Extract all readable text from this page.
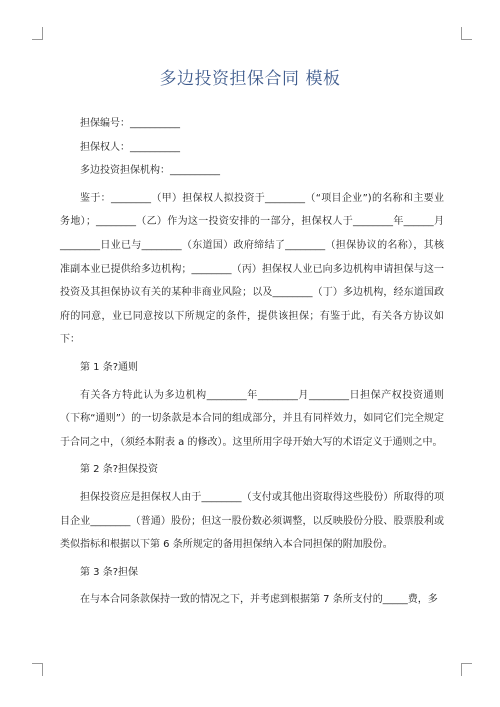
多边投资担保合同 模板

担保编号：__________

担保权人：__________

多边投资担保机构：__________

鉴于：________（甲）担保权人拟投资于________（“项目企业”)的名称和主要业务地）；________（乙）作为这一投资安排的一部分，担保权人于________年______月________日业已与________（东道国）政府缔结了________（担保协议的名称），其核准副本业已提供给多边机构；________（丙）担保权人业已向多边机构申请担保与这一投资及其担保协议有关的某种非商业风险；以及________（丁）多边机构，经东道国政府的同意，业已同意按以下所规定的条件，提供该担保；有鉴于此，有关各方协议如下：

第 1 条?通则

有关各方特此认为多边机构________年________月________日担保产权投资通则（下称“通则”）的一切条款是本合同的组成部分，并且有同样效力，如同它们完全规定于合同之中，（须经本附表 a 的修改）。这里所用字母开始大写的术语定义于通则之中。

第 2 条?担保投资

担保投资应是担保权人由于________（支付或其他出资取得这些股份）所取得的项目企业________（普通）股份；但这一股份数必须调整，以反映股份分股、股票股利或类似指标和根据以下第 6 条所规定的备用担保纳入本合同担保的附加股份。

第 3 条?担保

在与本合同条款保持一致的情况之下，并考虑到根据第 7 条所支付的_____费，多
